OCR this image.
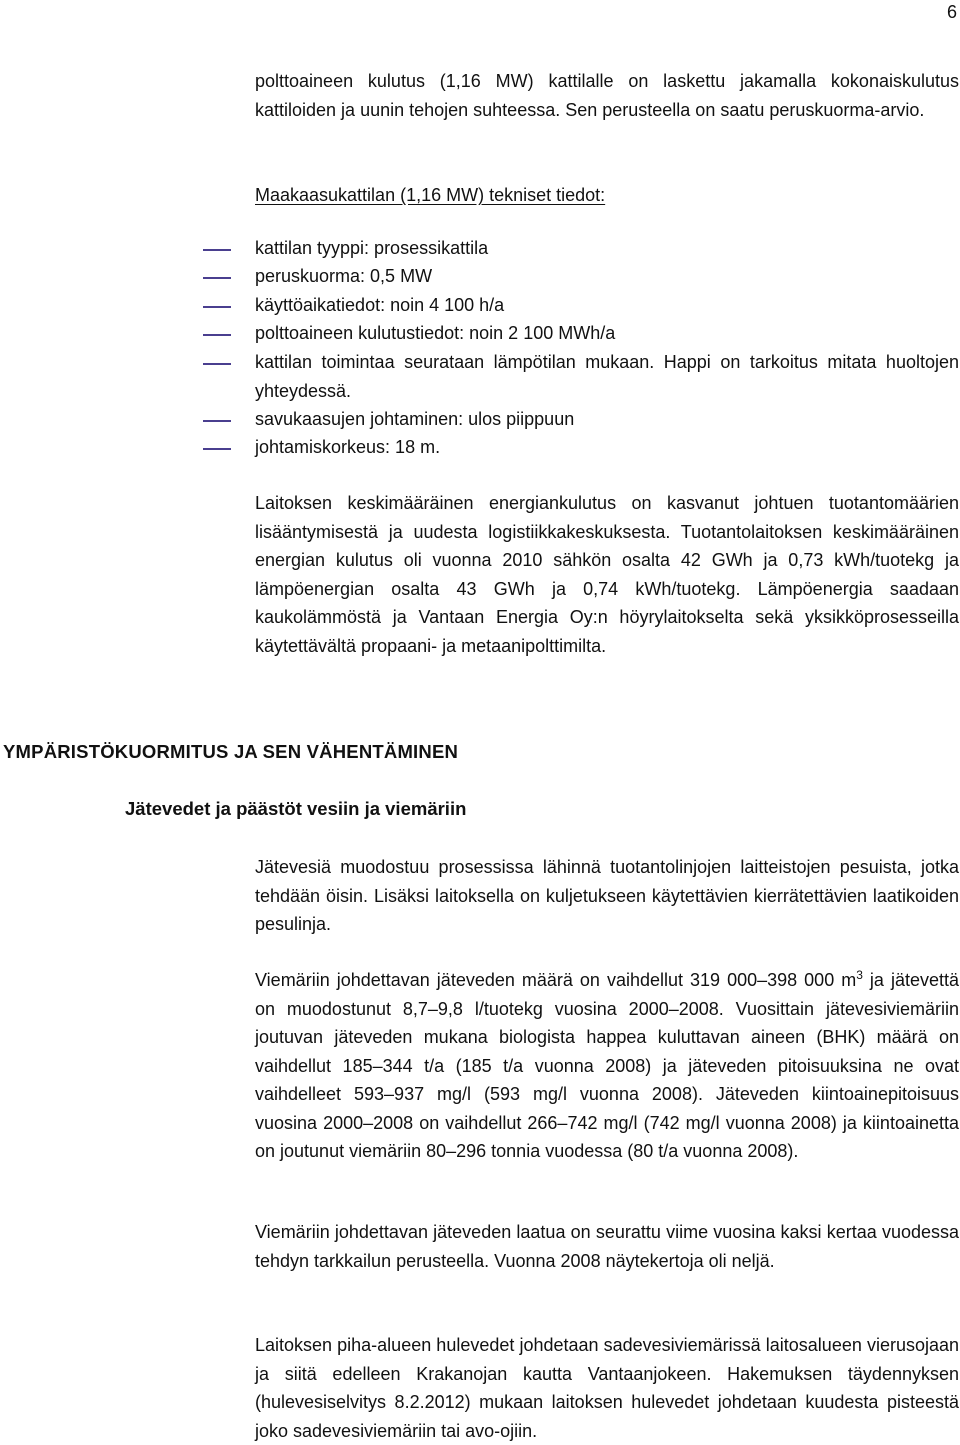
6
polttoaineen kulutus (1,16 MW) kattilalle on laskettu jakamalla kokonaiskulutus kattiloiden ja uunin tehojen suhteessa. Sen perusteella on saatu peruskuorma-arvio.
Maakaasukattilan (1,16 MW) tekniset tiedot:
kattilan tyyppi: prosessikattila
peruskuorma: 0,5 MW
käyttöaikatiedot: noin 4 100 h/a
polttoaineen kulutustiedot: noin 2 100 MWh/a
kattilan toimintaa seurataan lämpötilan mukaan. Happi on tarkoitus mitata huoltojen yhteydessä.
savukaasujen johtaminen: ulos piippuun
johtamiskorkeus: 18 m.
Laitoksen keskimääräinen energiankulutus on kasvanut johtuen tuotantomäärien lisääntymisestä ja uudesta logistiikkakeskuksesta. Tuotantolaitoksen keskimääräinen energian kulutus oli vuonna 2010 sähkön osalta 42 GWh ja 0,73 kWh/tuotekg ja lämpöenergian osalta 43 GWh ja 0,74 kWh/tuotekg. Lämpöenergia saadaan kaukolämmöstä ja Vantaan Energia Oy:n höyrylaitokselta sekä yksikköprosesseilla käytettävältä propaani- ja metaanipolttimilta.
YMPÄRISTÖKUORMITUS JA SEN VÄHENTÄMINEN
Jätevedet ja päästöt vesiin ja viemäriin
Jätevesiä muodostuu prosessissa lähinnä tuotantolinjojen laitteistojen pesuista, jotka tehdään öisin. Lisäksi laitoksella on kuljetukseen käytettävien kierrätettävien laatikoiden pesulinja.
Viemäriin johdettavan jäteveden määrä on vaihdellut 319 000–398 000 $m^3$ ja jätevettä on muodostunut 8,7–9,8 l/tuotekg vuosina 2000–2008. Vuosittain jätevesiviemäriin joutuvan jäteveden mukana biologista happea kuluttavan aineen (BHK) määrä on vaihdellut 185–344 t/a (185 t/a vuonna 2008) ja jäteveden pitoisuuksina ne ovat vaihdelleet 593–937 mg/l (593 mg/l vuonna 2008). Jäteveden kiintoainepitoisuus vuosina 2000–2008 on vaihdellut 266–742 mg/l (742 mg/l vuonna 2008) ja kiintoainetta on joutunut viemäriin 80–296 tonnia vuodessa (80 t/a vuonna 2008).
Viemäriin johdettavan jäteveden laatua on seurattu viime vuosina kaksi kertaa vuodessa tehdyn tarkkailun perusteella. Vuonna 2008 näytekertoja oli neljä.
Laitoksen piha-alueen hulevedet johdetaan sadevesiviemärissä laitosalueen vierusojaan ja siitä edelleen Krakanojan kautta Vantaanjokeen. Hakemuksen täydennyksen (hulevesiselvitys 8.2.2012) mukaan laitoksen hulevedet johdetaan kuudesta pisteestä joko sadevesiviemäriin tai avo-ojiin.
